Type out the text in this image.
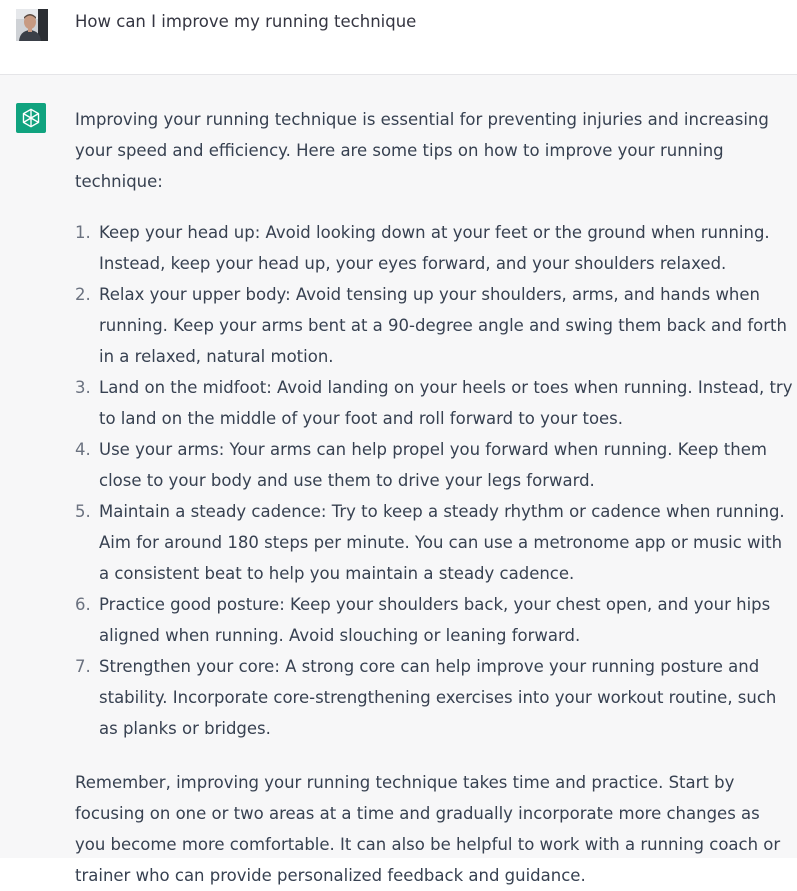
How can I improve my running technique

Improving your running technique is essential for preventing injuries and increasing your speed and efficiency. Here are some tips on how to improve your running technique:

1. Keep your head up: Avoid looking down at your feet or the ground when running. Instead, keep your head up, your eyes forward, and your shoulders relaxed.
2. Relax your upper body: Avoid tensing up your shoulders, arms, and hands when running. Keep your arms bent at a 90-degree angle and swing them back and forth in a relaxed, natural motion.
3. Land on the midfoot: Avoid landing on your heels or toes when running. Instead, try to land on the middle of your foot and roll forward to your toes.
4. Use your arms: Your arms can help propel you forward when running. Keep them close to your body and use them to drive your legs forward.
5. Maintain a steady cadence: Try to keep a steady rhythm or cadence when running. Aim for around 180 steps per minute. You can use a metronome app or music with a consistent beat to help you maintain a steady cadence.
6. Practice good posture: Keep your shoulders back, your chest open, and your hips aligned when running. Avoid slouching or leaning forward.
7. Strengthen your core: A strong core can help improve your running posture and stability. Incorporate core-strengthening exercises into your workout routine, such as planks or bridges.

Remember, improving your running technique takes time and practice. Start by focusing on one or two areas at a time and gradually incorporate more changes as you become more comfortable. It can also be helpful to work with a running coach or trainer who can provide personalized feedback and guidance.
